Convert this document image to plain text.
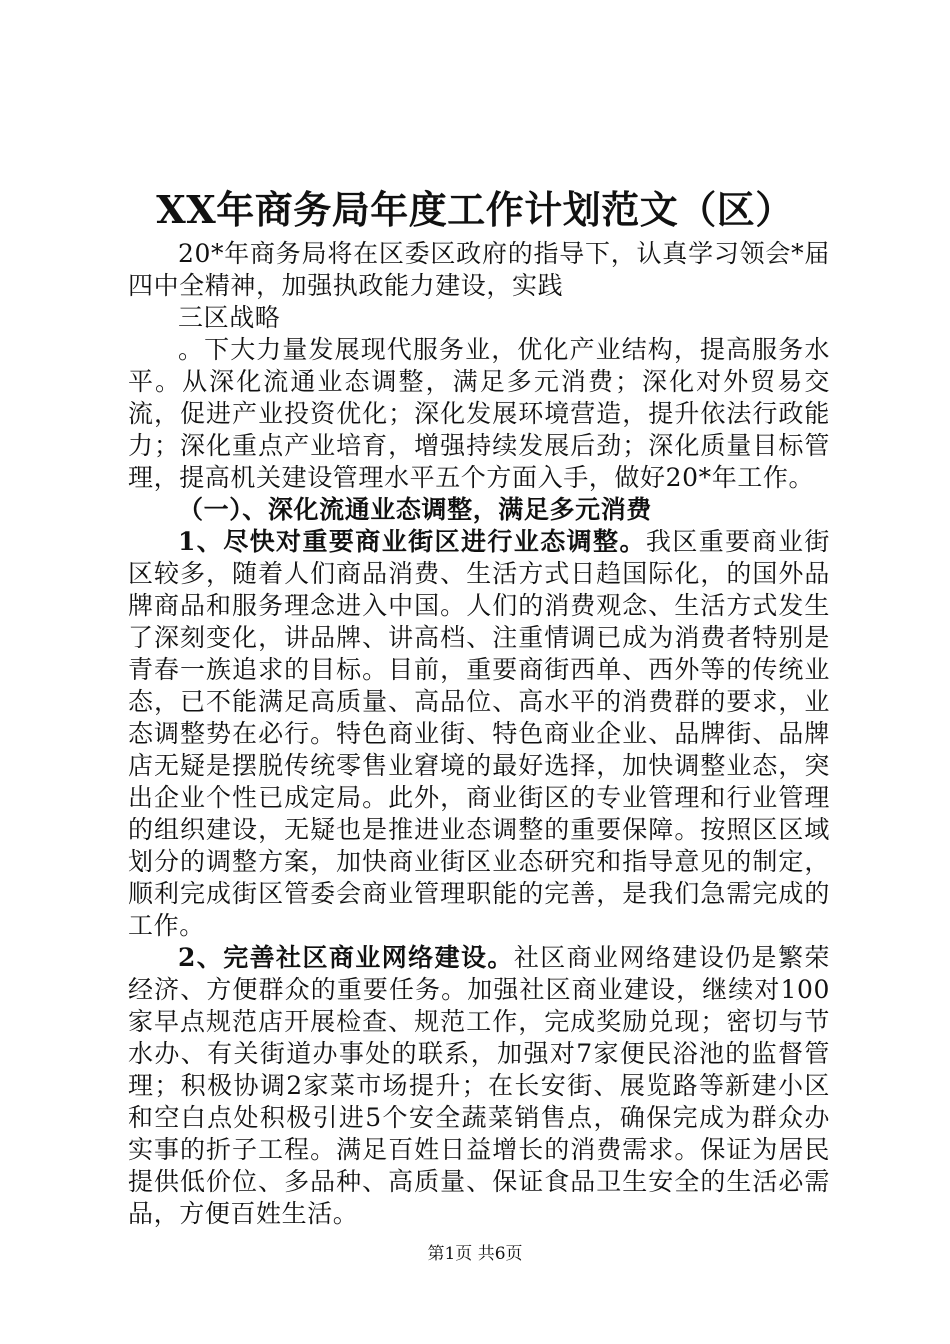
XX年商务局年度工作计划范文（区）

20*年商务局将在区委区政府的指导下，认真学习领会*届四中全精神，加强执政能力建设，实践

三区战略

。下大力量发展现代服务业，优化产业结构，提高服务水平。从深化流通业态调整，满足多元消费；深化对外贸易交流，促进产业投资优化；深化发展环境营造，提升依法行政能力；深化重点产业培育，增强持续发展后劲；深化质量目标管理，提高机关建设管理水平五个方面入手，做好20*年工作。

（一）、深化流通业态调整，满足多元消费

1、尽快对重要商业街区进行业态调整。我区重要商业街区较多，随着人们商品消费、生活方式日趋国际化，的国外品牌商品和服务理念进入中国。人们的消费观念、生活方式发生了深刻变化，讲品牌、讲高档、注重情调已成为消费者特别是青春一族追求的目标。目前，重要商街西单、西外等的传统业态，已不能满足高质量、高品位、高水平的消费群的要求，业态调整势在必行。特色商业街、特色商业企业、品牌街、品牌店无疑是摆脱传统零售业窘境的最好选择，加快调整业态，突出企业个性已成定局。此外，商业街区的专业管理和行业管理的组织建设，无疑也是推进业态调整的重要保障。按照区区域划分的调整方案，加快商业街区业态研究和指导意见的制定，顺利完成街区管委会商业管理职能的完善，是我们急需完成的工作。

2、完善社区商业网络建设。社区商业网络建设仍是繁荣经济、方便群众的重要任务。加强社区商业建设，继续对100家早点规范店开展检查、规范工作，完成奖励兑现；密切与节水办、有关街道办事处的联系，加强对7家便民浴池的监督管理；积极协调2家菜市场提升；在长安街、展览路等新建小区和空白点处积极引进5个安全蔬菜销售点，确保完成为群众办实事的折子工程。满足百姓日益增长的消费需求。保证为居民提供低价位、多品种、高质量、保证食品卫生安全的生活必需品，方便百姓生活。

第1页 共6页
